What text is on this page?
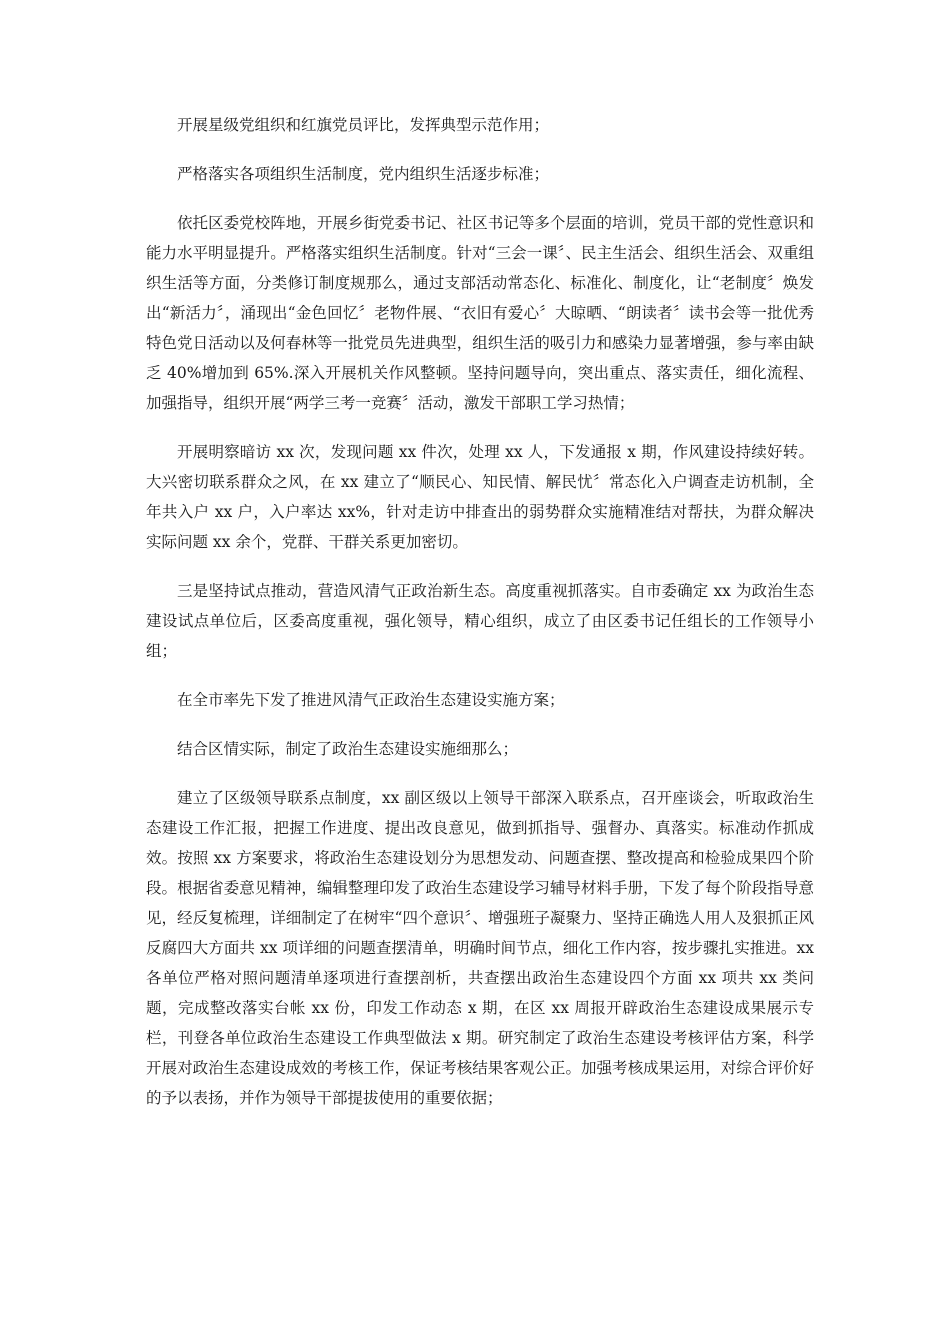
开展星级党组织和红旗党员评比，发挥典型示范作用；

严格落实各项组织生活制度，党内组织生活逐步标准；

依托区委党校阵地，开展乡街党委书记、社区书记等多个层面的培训，党员干部的党性意识和能力水平明显提升。严格落实组织生活制度。针对“三会一课〞、民主生活会、组织生活会、双重组织生活等方面，分类修订制度规那么，通过支部活动常态化、标准化、制度化，让“老制度〞焕发出“新活力〞，涌现出“金色回忆〞老物件展、“衣旧有爱心〞大晾晒、“朗读者〞读书会等一批优秀特色党日活动以及何春林等一批党员先进典型，组织生活的吸引力和感染力显著增强，参与率由缺乏 40%增加到 65%.深入开展机关作风整顿。坚持问题导向，突出重点、落实责任，细化流程、加强指导，组织开展“两学三考一竞赛〞活动，激发干部职工学习热情；

开展明察暗访 xx 次，发现问题 xx 件次，处理 xx 人，下发通报 x 期，作风建设持续好转。大兴密切联系群众之风，在 xx 建立了“顺民心、知民情、解民忧〞常态化入户调查走访机制，全年共入户 xx 户，入户率达 xx%，针对走访中排查出的弱势群众实施精准结对帮扶，为群众解决实际问题 xx 余个，党群、干群关系更加密切。

三是坚持试点推动，营造风清气正政治新生态。高度重视抓落实。自市委确定 xx 为政治生态建设试点单位后，区委高度重视，强化领导，精心组织，成立了由区委书记任组长的工作领导小组；

在全市率先下发了推进风清气正政治生态建设实施方案；

结合区情实际，制定了政治生态建设实施细那么；

建立了区级领导联系点制度，xx 副区级以上领导干部深入联系点，召开座谈会，听取政治生态建设工作汇报，把握工作进度、提出改良意见，做到抓指导、强督办、真落实。标准动作抓成效。按照 xx 方案要求，将政治生态建设划分为思想发动、问题查摆、整改提高和检验成果四个阶段。根据省委意见精神，编辑整理印发了政治生态建设学习辅导材料手册，下发了每个阶段指导意见，经反复梳理，详细制定了在树牢“四个意识〞、增强班子凝聚力、坚持正确选人用人及狠抓正风反腐四大方面共 xx 项详细的问题查摆清单，明确时间节点，细化工作内容，按步骤扎实推进。xx 各单位严格对照问题清单逐项进行查摆剖析，共查摆出政治生态建设四个方面 xx 项共 xx 类问题，完成整改落实台帐 xx 份，印发工作动态 x 期，在区 xx 周报开辟政治生态建设成果展示专栏，刊登各单位政治生态建设工作典型做法 x 期。研究制定了政治生态建设考核评估方案，科学开展对政治生态建设成效的考核工作，保证考核结果客观公正。加强考核成果运用，对综合评价好的予以表扬，并作为领导干部提拔使用的重要依据；
